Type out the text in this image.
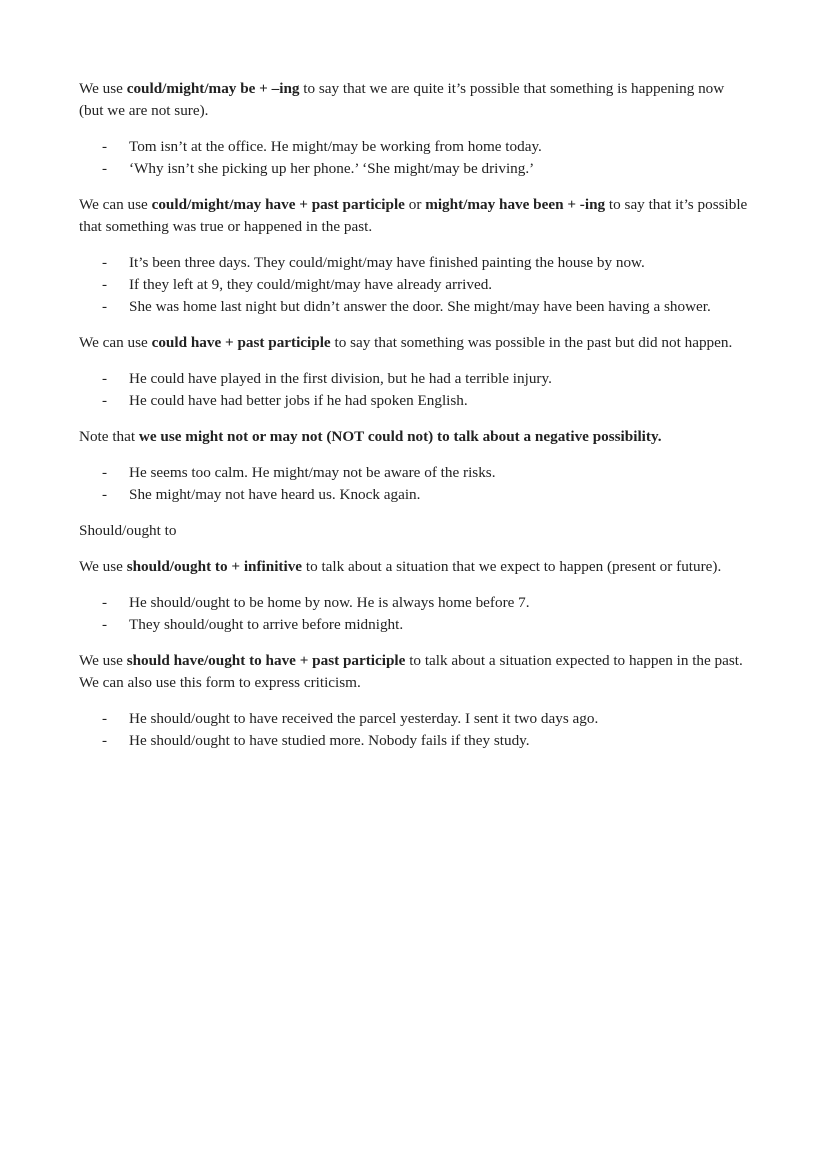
We use could/might/may be + –ing to say that we are quite it’s possible that something is happening now (but we are not sure).

- Tom isn’t at the office. He might/may be working from home today.
- ‘Why isn’t she picking up her phone.’ ‘She might/may be driving.’

We can use could/might/may have + past participle or might/may have been + -ing to say that it’s possible that something was true or happened in the past.

- It’s been three days. They could/might/may have finished painting the house by now.
- If they left at 9, they could/might/may have already arrived.
- She was home last night but didn’t answer the door. She might/may have been having a shower.

We can use could have + past participle to say that something was possible in the past but did not happen.

- He could have played in the first division, but he had a terrible injury.
- He could have had better jobs if he had spoken English.

Note that we use might not or may not (NOT could not) to talk about a negative possibility.

- He seems too calm. He might/may not be aware of the risks.
- She might/may not have heard us. Knock again.

Should/ought to

We use should/ought to + infinitive to talk about a situation that we expect to happen (present or future).

- He should/ought to be home by now. He is always home before 7.
- They should/ought to arrive before midnight.

We use should have/ought to have + past participle to talk about a situation expected to happen in the past. We can also use this form to express criticism.

- He should/ought to have received the parcel yesterday. I sent it two days ago.
- He should/ought to have studied more. Nobody fails if they study.
